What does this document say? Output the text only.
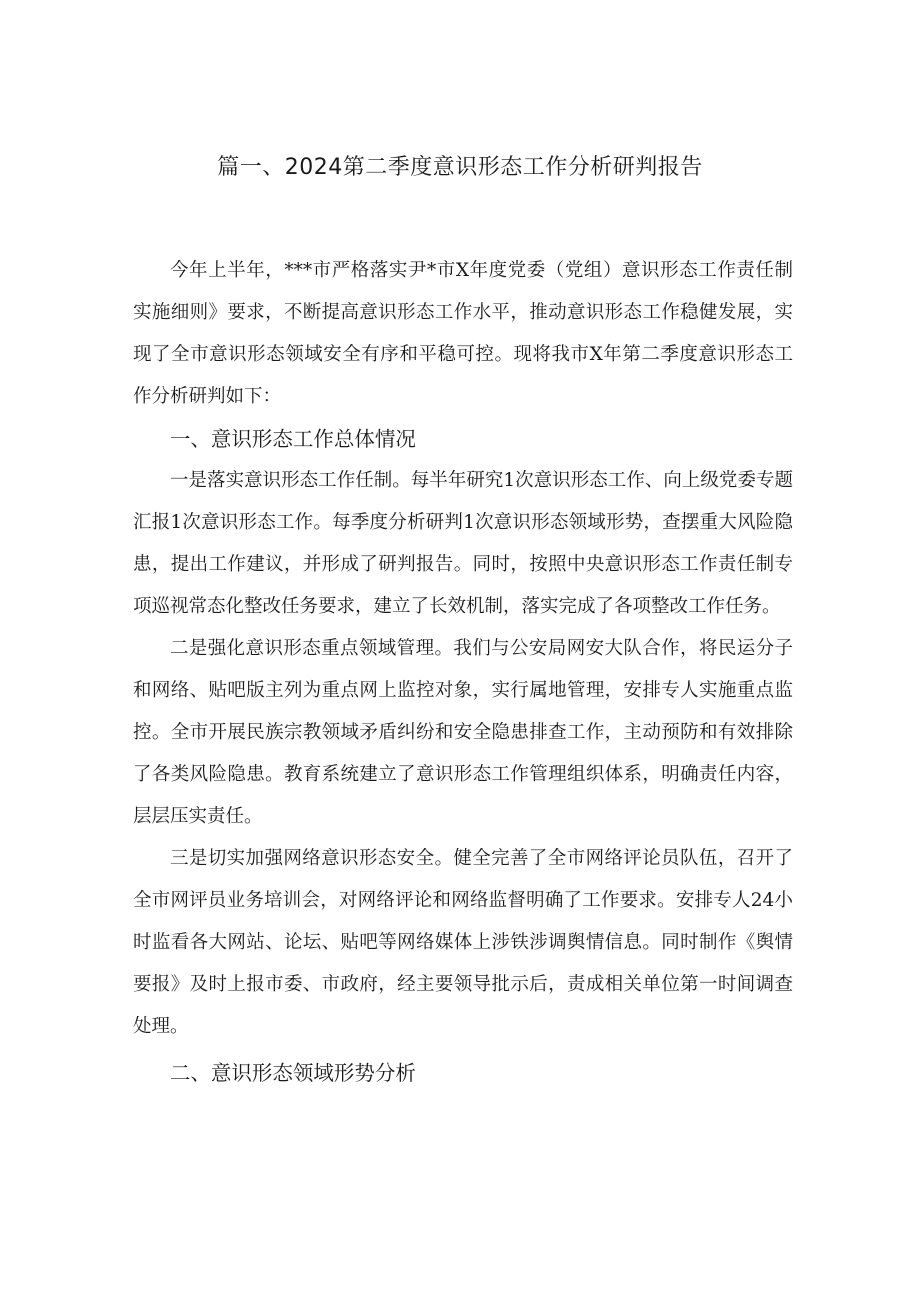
篇一、2024第二季度意识形态工作分析研判报告

今年上半年，***市严格落实尹*市X年度党委（党组）意识形态工作责任制实施细则》要求，不断提高意识形态工作水平，推动意识形态工作稳健发展，实现了全市意识形态领域安全有序和平稳可控。现将我市X年第二季度意识形态工作分析研判如下：

一、意识形态工作总体情况

一是落实意识形态工作任制。每半年研究1次意识形态工作、向上级党委专题汇报1次意识形态工作。每季度分析研判1次意识形态领域形势，查摆重大风险隐患，提出工作建议，并形成了研判报告。同时，按照中央意识形态工作责任制专项巡视常态化整改任务要求，建立了长效机制，落实完成了各项整改工作任务。

二是强化意识形态重点领域管理。我们与公安局网安大队合作，将民运分子和网络、贴吧版主列为重点网上监控对象，实行属地管理，安排专人实施重点监控。全市开展民族宗教领域矛盾纠纷和安全隐患排查工作，主动预防和有效排除了各类风险隐患。教育系统建立了意识形态工作管理组织体系，明确责任内容，层层压实责任。

三是切实加强网络意识形态安全。健全完善了全市网络评论员队伍，召开了全市网评员业务培训会，对网络评论和网络监督明确了工作要求。安排专人24小时监看各大网站、论坛、贴吧等网络媒体上涉铁涉调舆情信息。同时制作《舆情要报》及时上报市委、市政府，经主要领导批示后，责成相关单位第一时间调查处理。

二、意识形态领域形势分析
